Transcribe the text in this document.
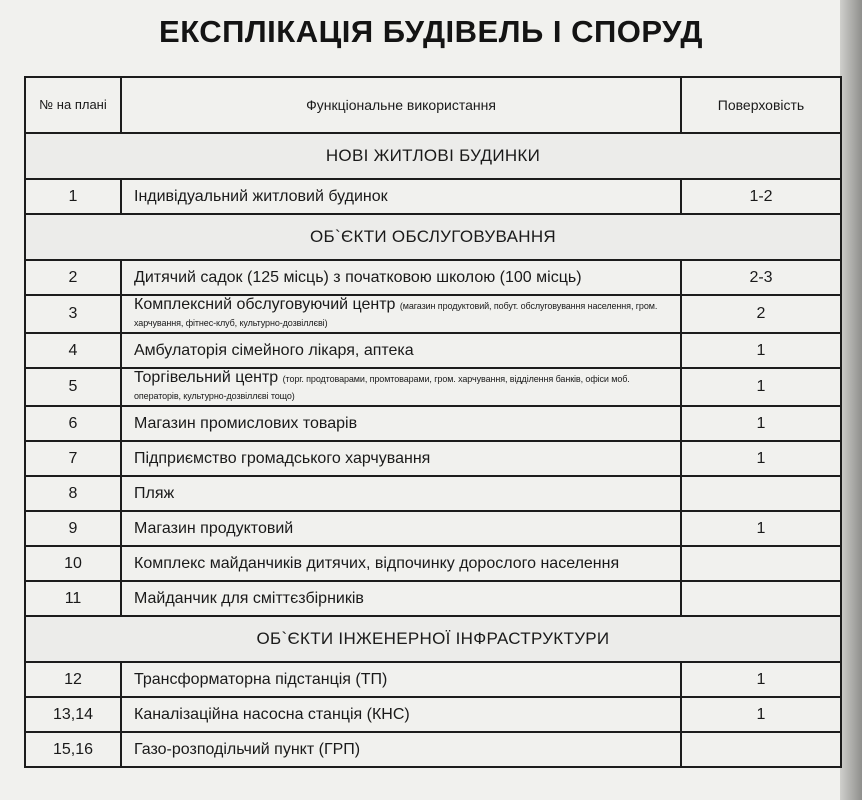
ЕКСПЛІКАЦІЯ БУДІВЕЛЬ І СПОРУД
№ на плані	Функціональне використання	Поверховість
НОВІ ЖИТЛОВІ БУДИНКИ		
1	Індивідуальний житловий будинок	1-2
ОБ`ЄКТИ ОБСЛУГОВУВАННЯ		
2	Дитячий садок (125 місць) з початковою школою (100 місць)	2-3
3	Комплексний обслуговуючий центр (магазин продуктовий, побут. обслуговування населення, гром. харчування, фітнес-клуб, культурно-дозвіллєві)	2
4	Амбулаторія сімейного лікаря, аптека	1
5	Торгівельний центр (торг. продтоварами, промтоварами, гром. харчування, відділення банків, офіси моб. операторів, культурно-дозвіллєві тощо)	1
6	Магазин промислових товарів	1
7	Підприємство громадського харчування	1
8	Пляж	
9	Магазин продуктовий	1
10	Комплекс майданчиків дитячих, відпочинку дорослого населення	
11	Майданчик для сміттєзбірників	
ОБ`ЄКТИ ІНЖЕНЕРНОЇ ІНФРАСТРУКТУРИ		
12	Трансформаторна підстанція (ТП)	1
13,14	Каналізаційна насосна станція (КНС)	1
15,16	Газо-розподільчий пункт (ГРП)	
